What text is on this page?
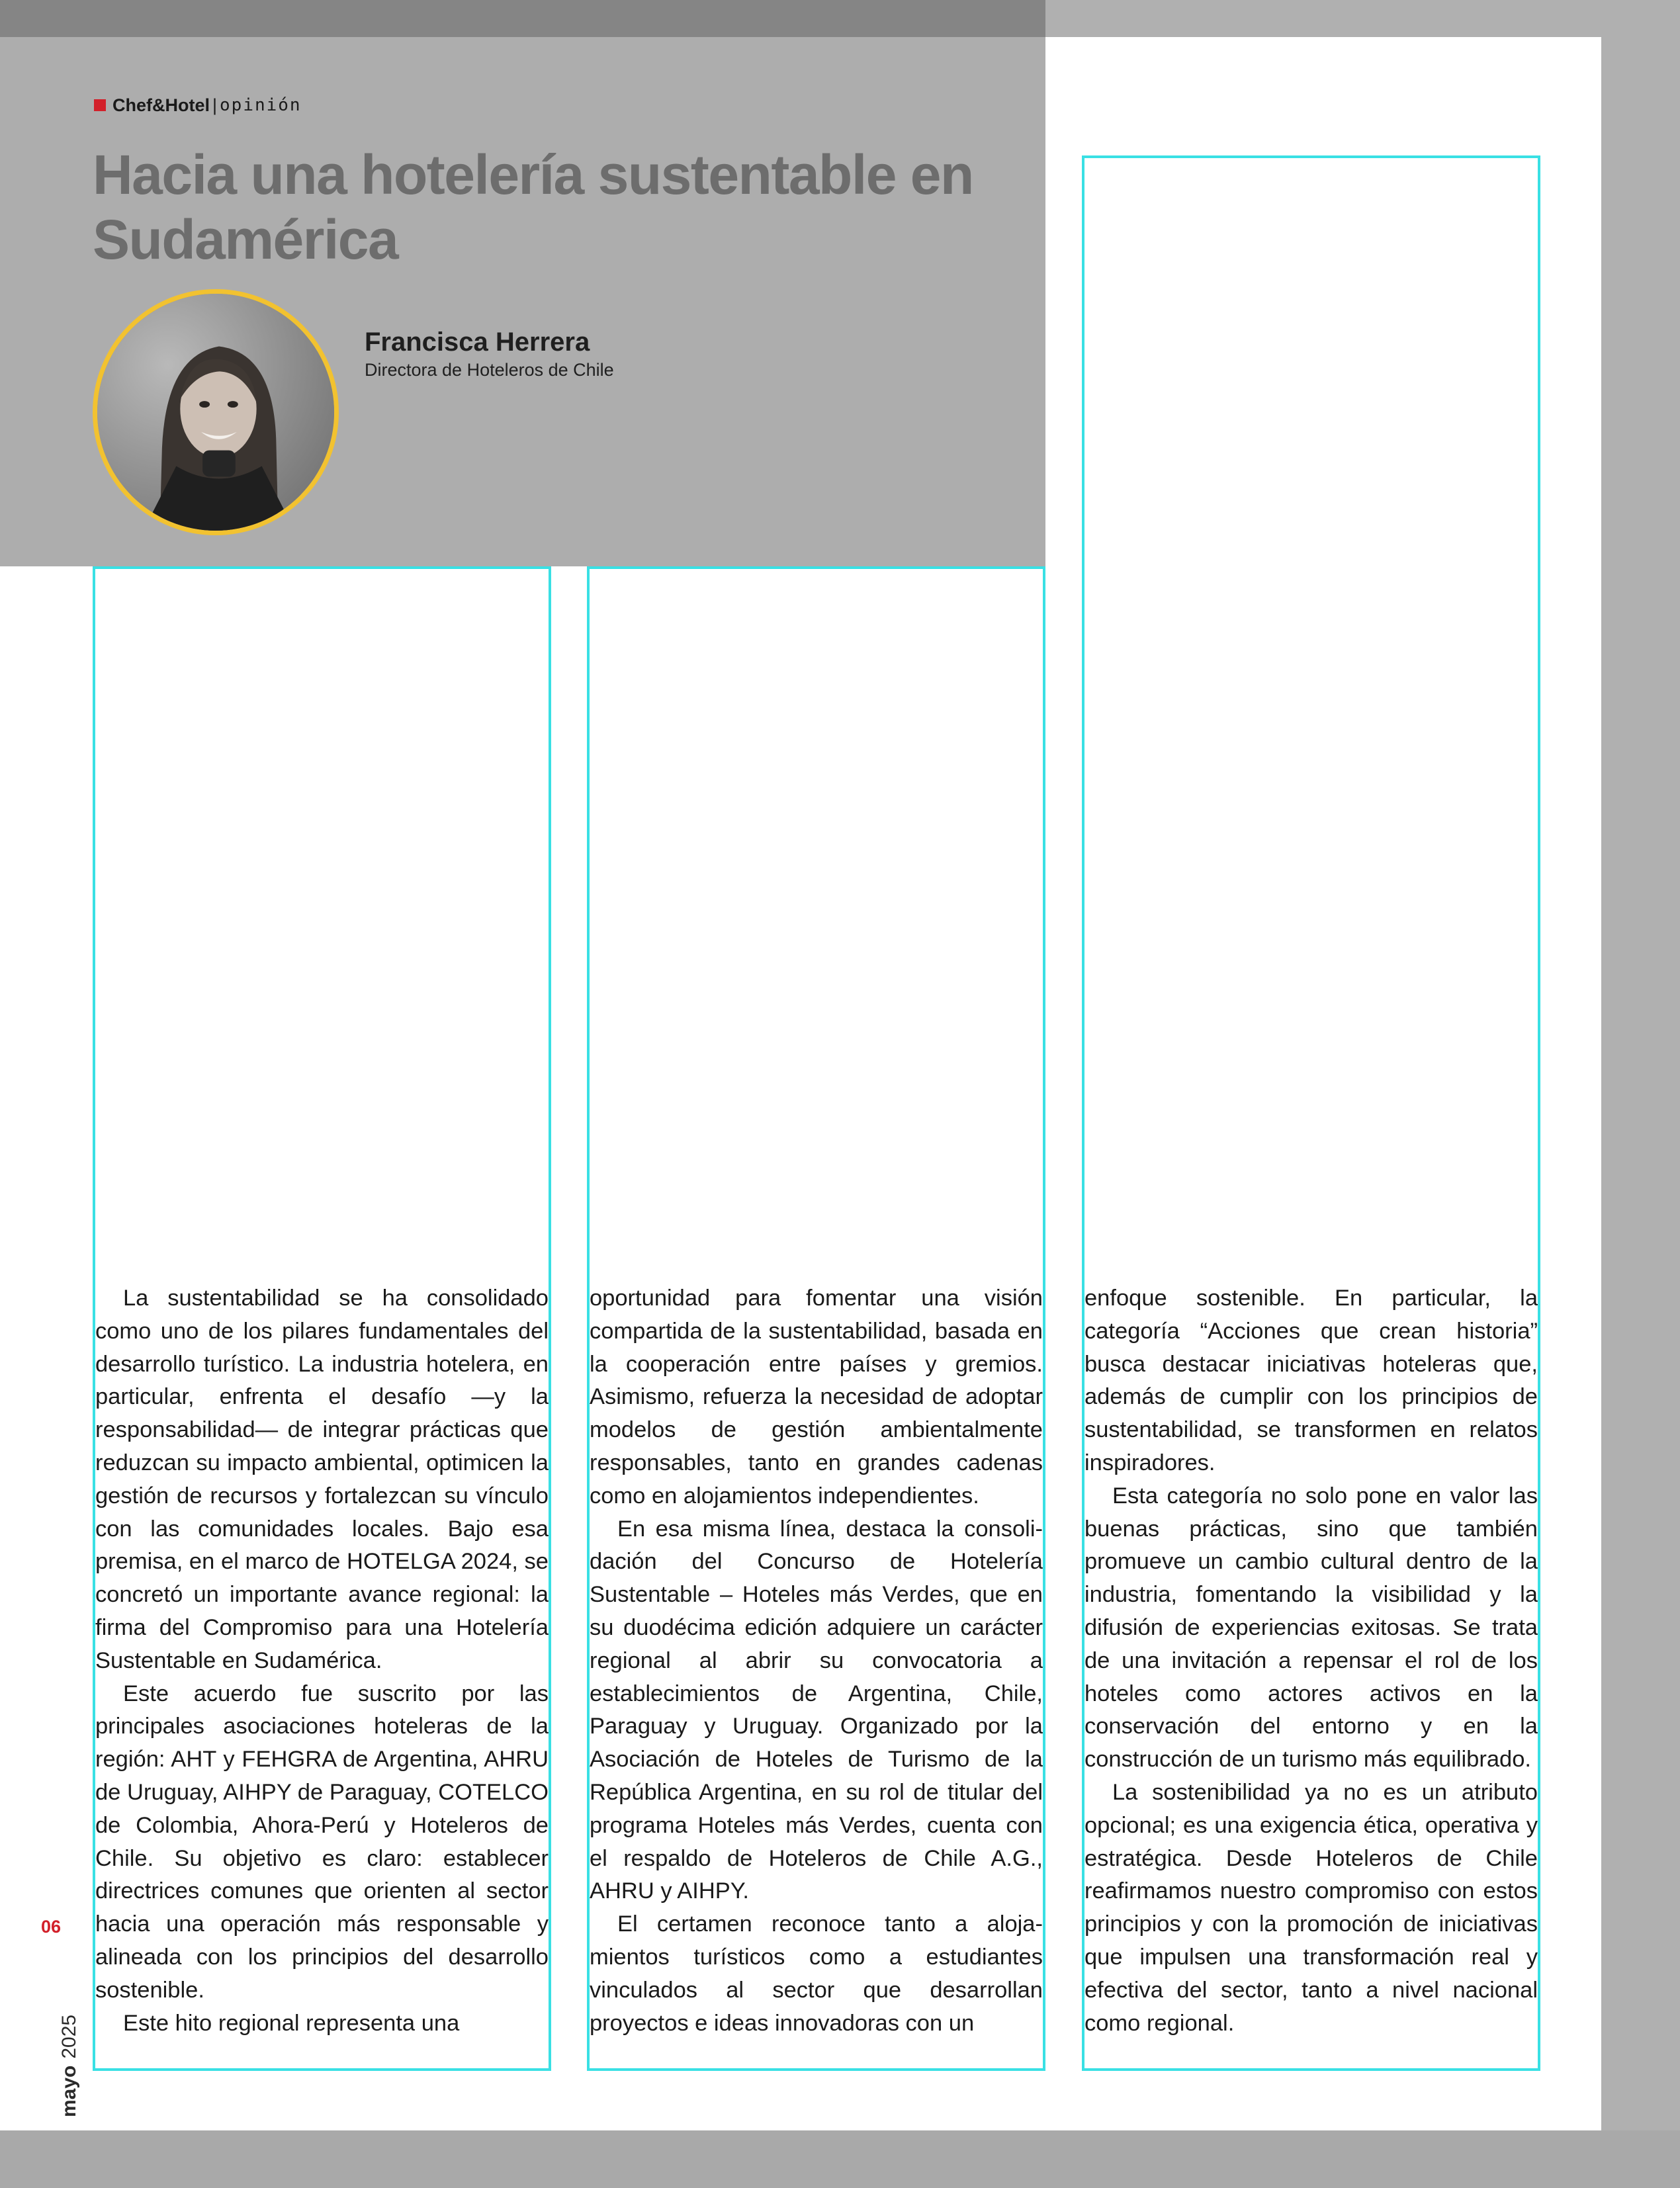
Chef&Hotel | opinión
Hacia una hotelería sustentable en Sudamérica
Francisca Herrera
Directora de Hoteleros de Chile

La sustentabilidad se ha consolidado como uno de los pilares fundamentales del desarrollo turístico. La industria hotelera, en particular, enfrenta el desafío —y la responsabilidad— de integrar prácticas que reduzcan su impacto ambiental, optimicen la gestión de recursos y fortalezcan su vínculo con las comunidades locales. Bajo esa premisa, en el marco de HOTELGA 2024, se concretó un importante avance regional: la firma del Compromiso para una Hotelería Sustentable en Sudamérica.

Este acuerdo fue suscrito por las principales asociaciones hoteleras de la región: AHT y FEHGRA de Argentina, AHRU de Uruguay, AIHPY de Paraguay, COTELCO de Colombia, Ahora-Perú y Hoteleros de Chile. Su objetivo es claro: establecer directrices comunes que orienten al sector hacia una operación más responsable y alineada con los principios del desarrollo sostenible.

Este hito regional representa una

oportunidad para fomentar una visión compartida de la sustentabilidad, basada en la cooperación entre países y gremios. Asimismo, refuerza la necesidad de adoptar modelos de gestión ambientalmente responsables, tanto en grandes cadenas como en alojamientos independientes.

En esa misma línea, destaca la consolidación del Concurso de Hotelería Sustentable – Hoteles más Verdes, que en su duodécima edición adquiere un carácter regional al abrir su convocatoria a establecimientos de Argentina, Chile, Paraguay y Uruguay. Organizado por la Asociación de Hoteles de Turismo de la República Argentina, en su rol de titular del programa Hoteles más Verdes, cuenta con el respaldo de Hoteleros de Chile A.G., AHRU y AIHPY.

El certamen reconoce tanto a alojamientos turísticos como a estudiantes vinculados al sector que desarrollan proyectos e ideas innovadoras con un

enfoque sostenible. En particular, la categoría “Acciones que crean historia” busca destacar iniciativas hoteleras que, además de cumplir con los principios de sustentabilidad, se transformen en relatos inspiradores.

Esta categoría no solo pone en valor las buenas prácticas, sino que también promueve un cambio cultural dentro de la industria, fomentando la visibilidad y la difusión de experiencias exitosas. Se trata de una invitación a repensar el rol de los hoteles como actores activos en la conservación del entorno y en la construcción de un turismo más equilibrado.

La sostenibilidad ya no es un atributo opcional; es una exigencia ética, operativa y estratégica. Desde Hoteleros de Chile reafirmamos nuestro compromiso con estos principios y con la promoción de iniciativas que impulsen una transformación real y efectiva del sector, tanto a nivel nacional como regional.

06
mayo2025
